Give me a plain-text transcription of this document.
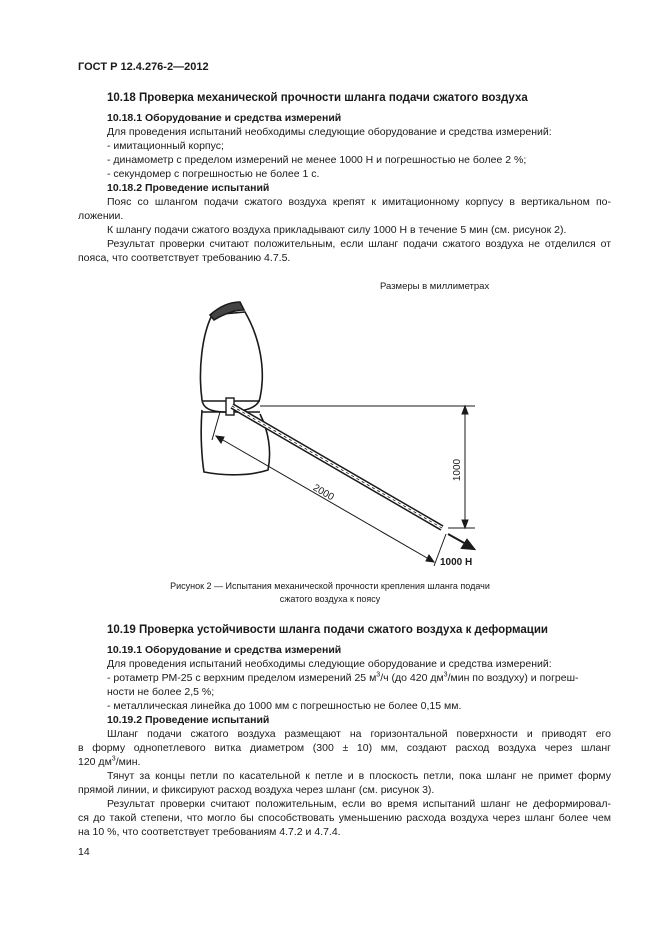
ГОСТ Р 12.4.276-2—2012
10.18 Проверка механической прочности шланга подачи сжатого воздуха
10.18.1 Оборудование и средства измерений
Для проведения испытаний необходимы следующие оборудование и средства измерений:
- имитационный корпус;
- динамометр с пределом измерений не менее 1000 Н и погрешностью не более 2 %;
- секундомер с погрешностью не более 1 с.
10.18.2 Проведение испытаний
Пояс со шлангом подачи сжатого воздуха крепят к имитационному корпусу в вертикальном по-
ложении.
К шлангу подачи сжатого воздуха прикладывают силу 1000 Н в течение 5 мин (см. рисунок 2).
Результат проверки считают положительным, если шланг подачи сжатого воздуха не отделился от
пояса, что соответствует требованию 4.7.5.
Размеры в миллиметрах
1000
2000
1000 Н
Рисунок 2 — Испытания механической прочности крепления шланга подачи
сжатого воздуха к поясу
10.19 Проверка устойчивости шланга подачи сжатого воздуха к деформации
10.19.1 Оборудование и средства измерений
Для проведения испытаний необходимы следующие оборудование и средства измерений:
- ротаметр РМ-25 с верхним пределом измерений 25 $м^3/ч$ (до 420 $дм^3$/мин по воздуху) и погреш-
ности не более 2,5 %;
- металлическая линейка до 1000 мм с погрешностью не более 0,15 мм.
10.19.2 Проведение испытаний
Шланг подачи сжатого воздуха размещают на горизонтальной поверхности и приводят его
в форму однопетлевого витка диаметром (300 ± 10) мм, создают расход воздуха через шланг
120 $дм^3$/мин.
Тянут за концы петли по касательной к петле и в плоскость петли, пока шланг не примет форму
прямой линии, и фиксируют расход воздуха через шланг (см. рисунок 3).
Результат проверки считают положительным, если во время испытаний шланг не деформировал-
ся до такой степени, что могло бы способствовать уменьшению расхода воздуха через шланг более чем
на 10 %, что соответствует требованиям 4.7.2 и 4.7.4.
14
